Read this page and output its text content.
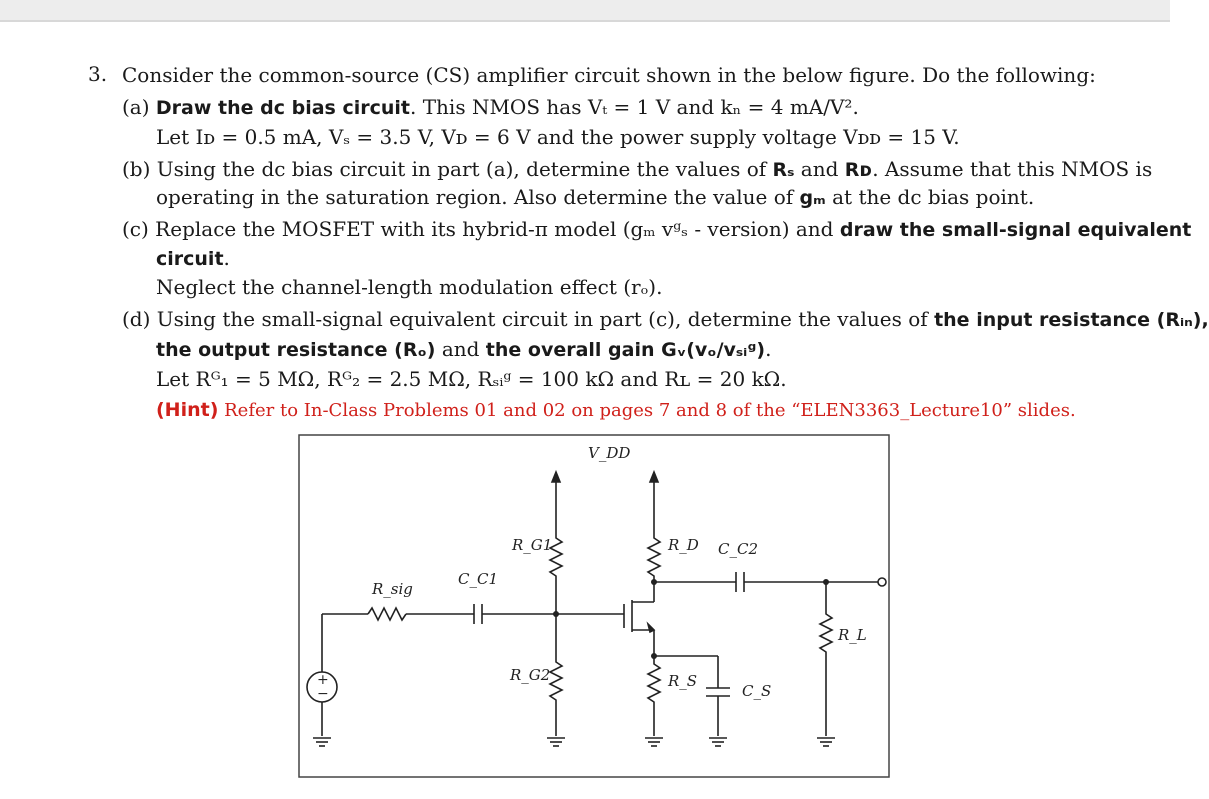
3. Consider the common-source (CS) amplifier circuit shown in the below figure. Do the following:
(a) Draw the dc bias circuit. This NMOS has Vₜ = 1 V and kₙ = 4 mA/V².
Let Iᴅ = 0.5 mA, Vₛ = 3.5 V, Vᴅ = 6 V and the power supply voltage Vᴅᴅ = 15 V.
(b) Using the dc bias circuit in part (a), determine the values of Rₛ and Rᴅ. Assume that this NMOS is
operating in the saturation region. Also determine the value of gₘ at the dc bias point.
(c) Replace the MOSFET with its hybrid-π model (gₘ vᵍₛ - version) and draw the small-signal equivalent
circuit.
Neglect the channel-length modulation effect (rₒ).
(d) Using the small-signal equivalent circuit in part (c), determine the values of the input resistance (Rᵢₙ),
the output resistance (Rₒ) and the overall gain Gᵥ(vₒ/vₛᵢᵍ).
Let Rᴳ₁ = 5 MΩ, Rᴳ₂ = 2.5 MΩ, Rₛᵢᵍ = 100 kΩ and Rʟ = 20 kΩ.
(Hint) Refer to In-Class Problems 01 and 02 on pages 7 and 8 of the “ELEN3363_Lecture10” slides.
V_DD
R_G1
R_G2
R_D
R_S
C_C1
C_C2
C_S
R_sig
R_L
+
−
